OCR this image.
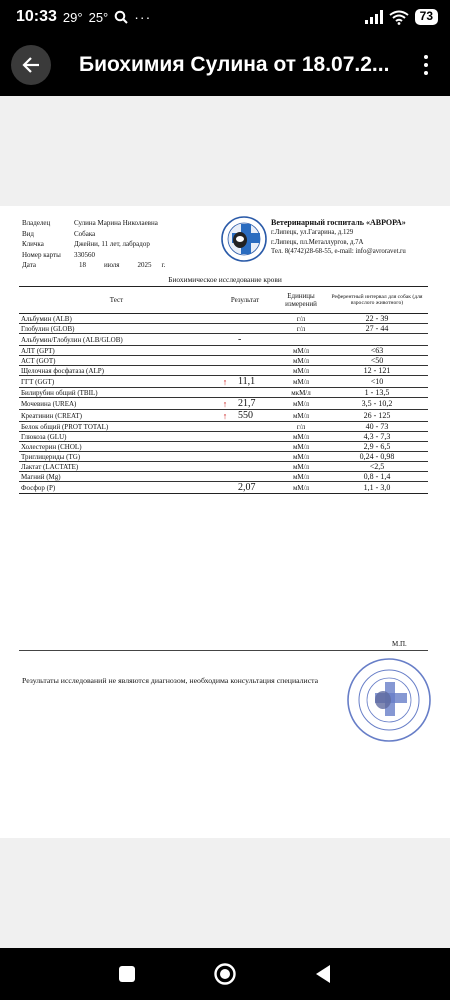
10:33 29° 25° ···	73
Биохимия Сулина от 18.07.2...
Владелец	Сулина Марина Николаевна
Вид	Собака
Кличка	Джейни, 11 лет, лабрадор
Номер карты	330560
Дата	18	июля	2025 г.
Ветеринарный госпиталь «АВРОРА»
г.Липецк, ул.Гагарина, д.129
г.Липецк, пл.Металлургов, д.7А
Тел. 8(4742)28-68-55, e-mail: info@avroravet.ru
Биохимическое исследование крови
Тест	Результат		Единицы измерений	Референтный интервал для собак (для взрослого животного)
Альбумин (ALB)			г/л	22 - 39
Глобулин (GLOB)			г/л	27 - 44
Альбумин/Глобулин (ALB/GLOB)		-		
АЛТ (GPT)			мМ/л	<63
АСТ (GOT)			мМ/л	<50
Щелочная фосфатаза (ALP)			мМ/л	12 - 121
ГГТ (GGT)	↑	11,1	мМ/л	<10
Билирубин общий (TBIL)			мкМ/л	1 - 13,5
Мочевина (UREA)	↑	21,7	мМ/л	3,5 - 10,2
Креатинин (CREAT)	↑	550	мМ/л	26 - 125
Белок общий (PROT TOTAL)			г/л	40 - 73
Глюкоза (GLU)			мМ/л	4,3 - 7,3
Холестерин (CHOL)			мМ/л	2,9 - 6,5
Триглицериды (TG)			мМ/л	0,24 - 0,98
Лактат (LACTATE)			мМ/л	<2,5
Магний (Mg)			мМ/л	0,8 - 1,4
Фосфор (P)		2,07	мМ/л	1,1 - 3,0
М.П.
Результаты исследований не являются диагнозом, необходима консультация специалиста
